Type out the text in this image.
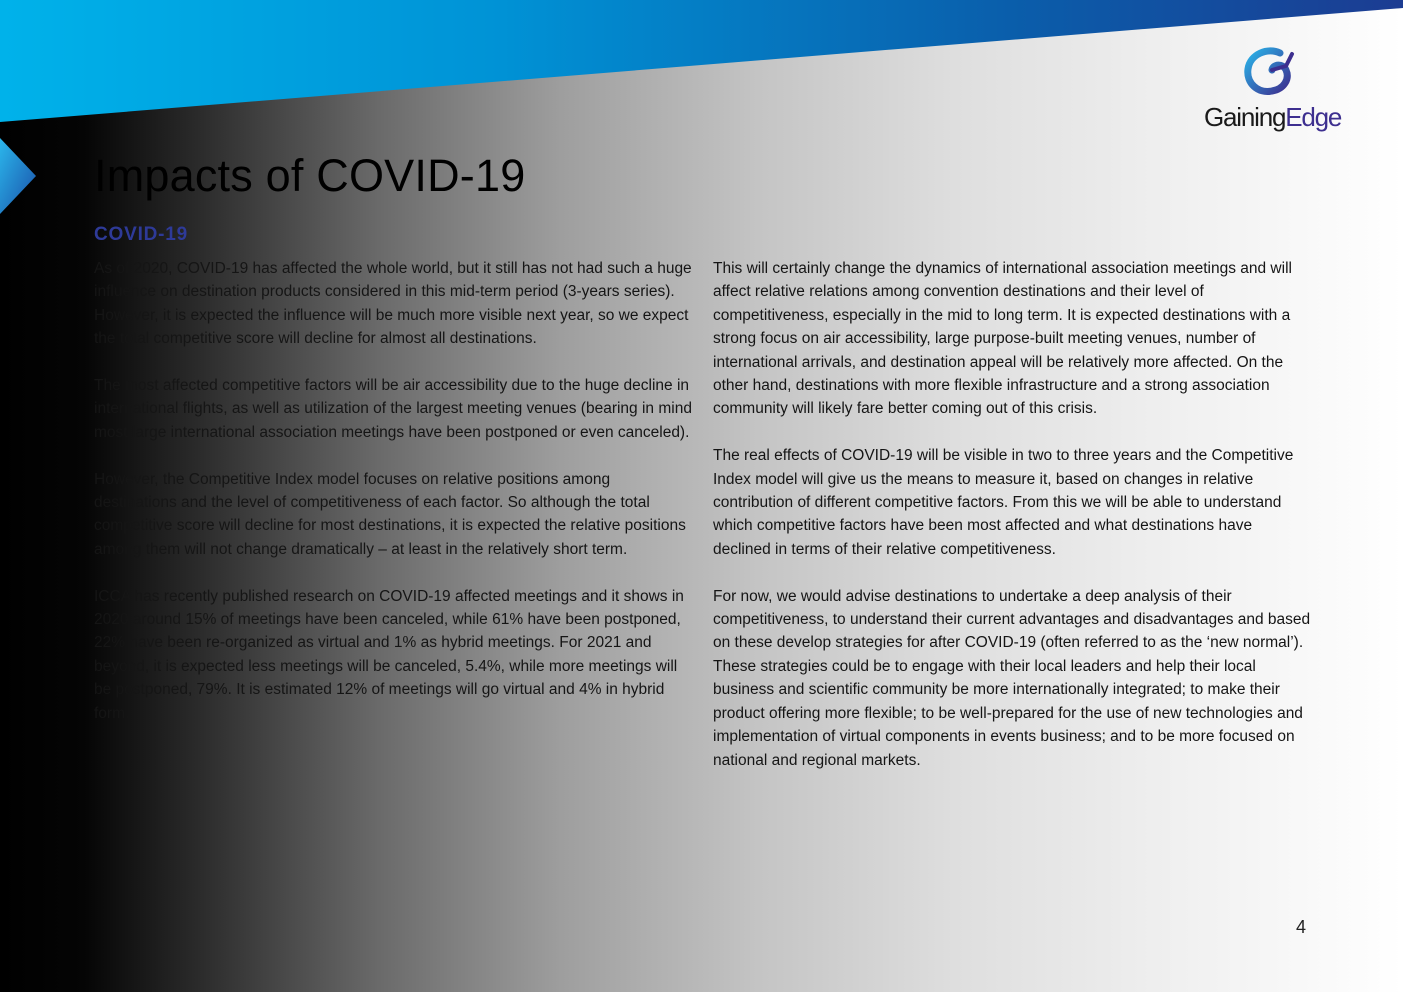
GainingEdge
Impacts of COVID-19
COVID-19

As of 2020, COVID-19 has affected the whole world, but it still has not had such a huge influence on destination products considered in this mid-term period (3-years series). However, it is expected the influence will be much more visible next year, so we expect the total competitive score will decline for almost all destinations.

The most affected competitive factors will be air accessibility due to the huge decline in international flights, as well as utilization of the largest meeting venues (bearing in mind most large international association meetings have been postponed or even canceled).

However, the Competitive Index model focuses on relative positions among destinations and the level of competitiveness of each factor. So although the total competitive score will decline for most destinations, it is expected the relative positions among them will not change dramatically – at least in the relatively short term.

ICCA has recently published research on COVID-19 affected meetings and it shows in 2020 around 15% of meetings have been canceled, while 61% have been postponed, 22% have been re-organized as virtual and 1% as hybrid meetings. For 2021 and beyond, it is expected less meetings will be canceled, 5.4%, while more meetings will be postponed, 79%. It is estimated 12% of meetings will go virtual and 4% in hybrid form.

This will certainly change the dynamics of international association meetings and will affect relative relations among convention destinations and their level of competitiveness, especially in the mid to long term. It is expected destinations with a strong focus on air accessibility, large purpose-built meeting venues, number of international arrivals, and destination appeal will be relatively more affected. On the other hand, destinations with more flexible infrastructure and a strong association community will likely fare better coming out of this crisis.

The real effects of COVID-19 will be visible in two to three years and the Competitive Index model will give us the means to measure it, based on changes in relative contribution of different competitive factors. From this we will be able to understand which competitive factors have been most affected and what destinations have declined in terms of their relative competitiveness.

For now, we would advise destinations to undertake a deep analysis of their competitiveness, to understand their current advantages and disadvantages and based on these develop strategies for after COVID-19 (often referred to as the ‘new normal’). These strategies could be to engage with their local leaders and help their local business and scientific community be more internationally integrated; to make their product offering more flexible; to be well-prepared for the use of new technologies and implementation of virtual components in events business; and to be more focused on national and regional markets.

4
